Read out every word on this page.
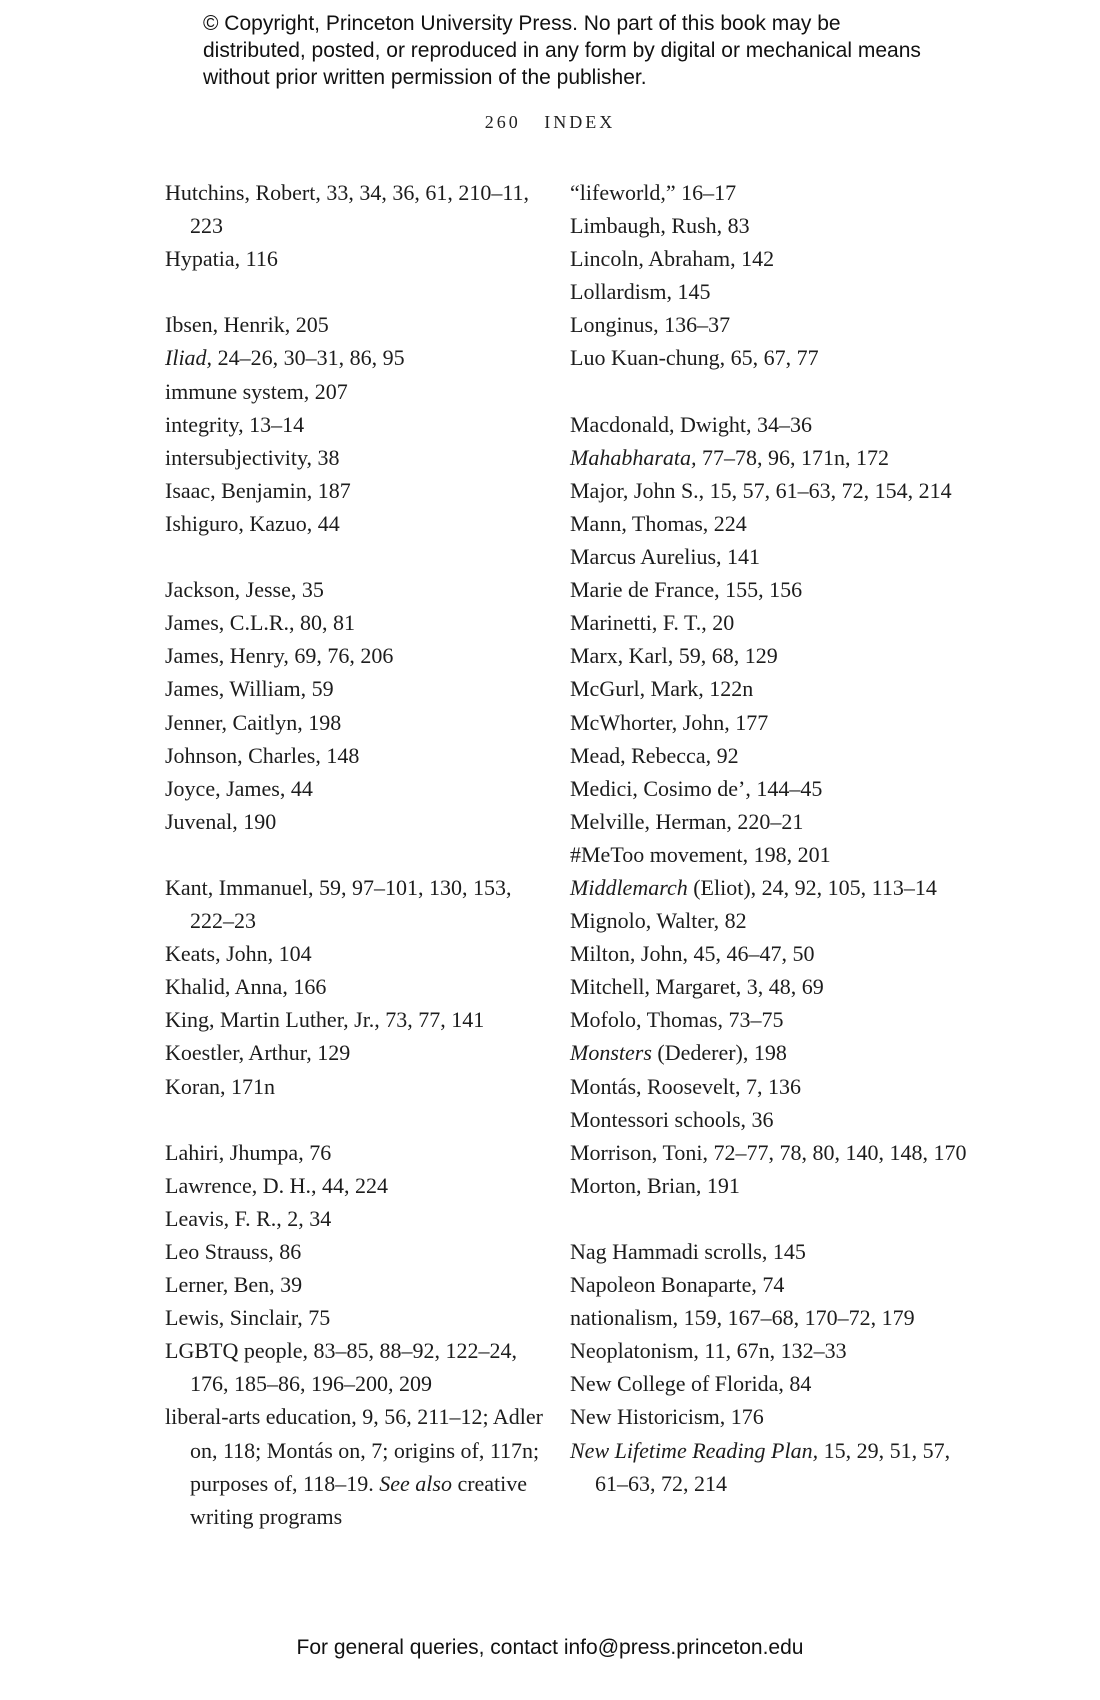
© Copyright, Princeton University Press. No part of this book may be distributed, posted, or reproduced in any form by digital or mechanical means without prior written permission of the publisher.
260 INDEX

Hutchins, Robert, 33, 34, 36, 61, 210–11, 223

Hypatia, 116

Ibsen, Henrik, 205

Iliad, 24–26, 30–31, 86, 95

immune system, 207

integrity, 13–14

intersubjectivity, 38

Isaac, Benjamin, 187

Ishiguro, Kazuo, 44

Jackson, Jesse, 35

James, C.L.R., 80, 81

James, Henry, 69, 76, 206

James, William, 59

Jenner, Caitlyn, 198

Johnson, Charles, 148

Joyce, James, 44

Juvenal, 190

Kant, Immanuel, 59, 97–101, 130, 153, 222–23

Keats, John, 104

Khalid, Anna, 166

King, Martin Luther, Jr., 73, 77, 141

Koestler, Arthur, 129

Koran, 171n

Lahiri, Jhumpa, 76

Lawrence, D. H., 44, 224

Leavis, F. R., 2, 34

Leo Strauss, 86

Lerner, Ben, 39

Lewis, Sinclair, 75

LGBTQ people, 83–85, 88–92, 122–24, 176, 185–86, 196–200, 209

liberal-arts education, 9, 56, 211–12; Adler on, 118; Montás on, 7; origins of, 117n; purposes of, 118–19. See also creative writing programs

“lifeworld,” 16–17

Limbaugh, Rush, 83

Lincoln, Abraham, 142

Lollardism, 145

Longinus, 136–37

Luo Kuan-chung, 65, 67, 77

Macdonald, Dwight, 34–36

Mahabharata, 77–78, 96, 171n, 172

Major, John S., 15, 57, 61–63, 72, 154, 214

Mann, Thomas, 224

Marcus Aurelius, 141

Marie de France, 155, 156

Marinetti, F. T., 20

Marx, Karl, 59, 68, 129

McGurl, Mark, 122n

McWhorter, John, 177

Mead, Rebecca, 92

Medici, Cosimo de’, 144–45

Melville, Herman, 220–21

#MeToo movement, 198, 201

Middlemarch (Eliot), 24, 92, 105, 113–14

Mignolo, Walter, 82

Milton, John, 45, 46–47, 50

Mitchell, Margaret, 3, 48, 69

Mofolo, Thomas, 73–75

Monsters (Dederer), 198

Montás, Roosevelt, 7, 136

Montessori schools, 36

Morrison, Toni, 72–77, 78, 80, 140, 148, 170

Morton, Brian, 191

Nag Hammadi scrolls, 145

Napoleon Bonaparte, 74

nationalism, 159, 167–68, 170–72, 179

Neoplatonism, 11, 67n, 132–33

New College of Florida, 84

New Historicism, 176

New Lifetime Reading Plan, 15, 29, 51, 57, 61–63, 72, 214

For general queries, contact info@press.princeton.edu
